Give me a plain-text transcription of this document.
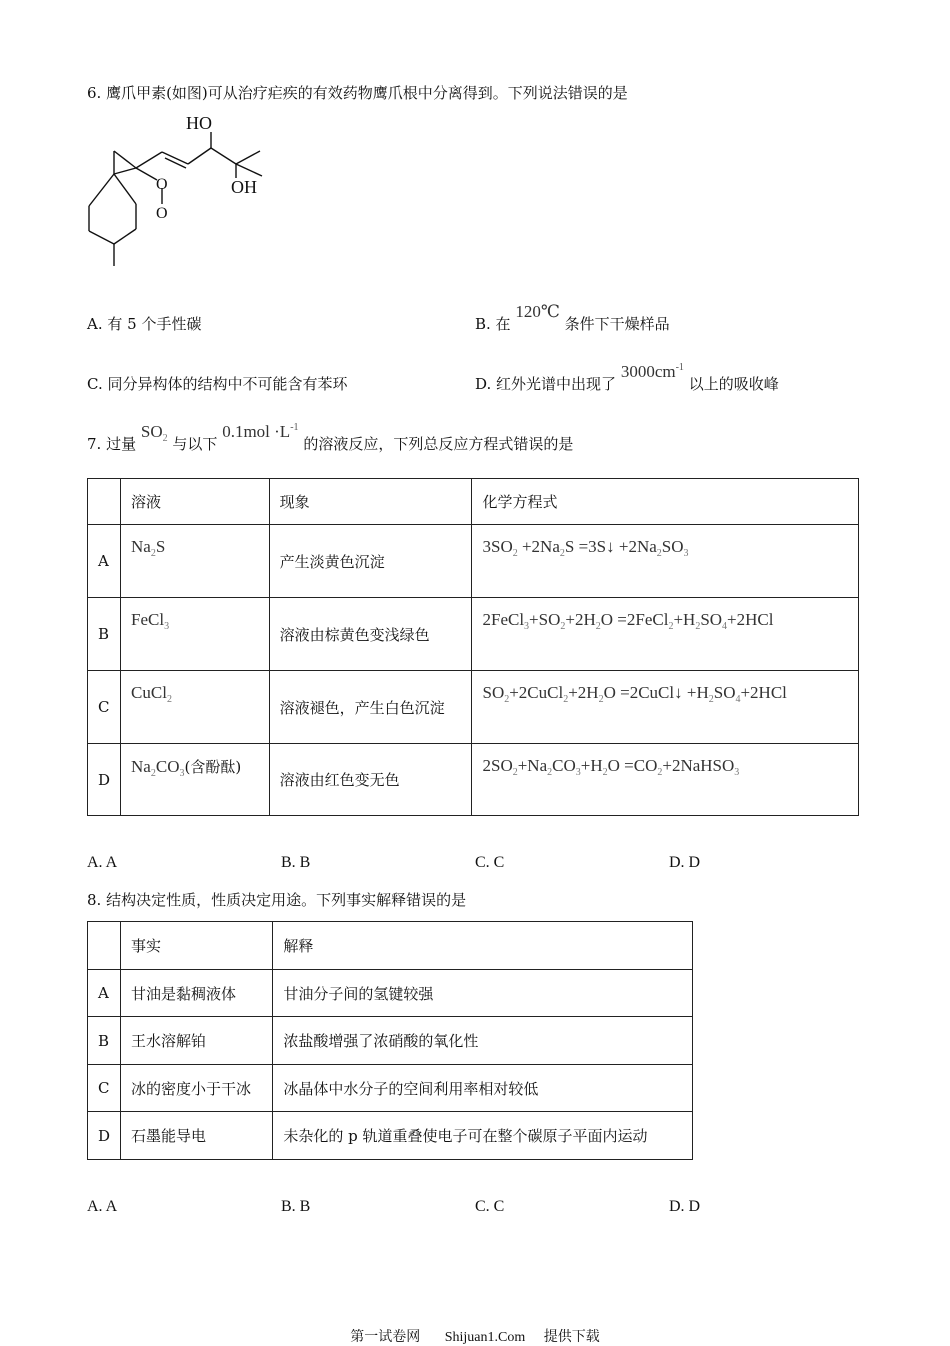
6. 鹰爪甲素(如图)可从治疗疟疾的有效药物鹰爪根中分离得到。下列说法错误的是
O
O
HO
OH
A. 有 5 个手性碳	B. 在 120℃ 条件下干燥样品
C. 同分异构体的结构中不可能含有苯环	D. 红外光谱中出现了 $3000cm^{-1}$ 以上的吸收峰
7. 过量 $SO_2$ 与以下 $0.1mol \cdot L^{-1}$ 的溶液反应，下列总反应方程式错误的是
	溶液	现象	化学方程式
A	$Na_2S$	产生淡黄色沉淀	$3SO_2 +2Na_2S$ =3S↓ $+2Na_2SO_3$
B	FeCl$_3$	溶液由棕黄色变浅绿色	$2FeCl_3+SO_2+2H_2O$ $=2FeCl_2+H_2SO_4+2HCl$
C	CuCl$_2$	溶液褪色，产生白色沉淀	$SO_2+2CuCl_2+2H_2O$ =2CuCl↓ $+H_2SO_4+2HCl$
D	$Na_2CO_3$(含酚酞)	溶液由红色变无色	$2SO_2+Na_2CO_3+H_2O$ $=CO_2+2NaHSO_3$
A. A	B. B	C. C	D. D
8. 结构决定性质，性质决定用途。下列事实解释错误的是
	事实	解释
A	甘油是黏稠液体	甘油分子间的氢键较强
B	王水溶解铂	浓盐酸增强了浓硝酸的氧化性
C	冰的密度小于干冰	冰晶体中水分子的空间利用率相对较低
D	石墨能导电	未杂化的 p 轨道重叠使电子可在整个碳原子平面内运动
A. A	B. B	C. C	D. D
第一试卷网 Shijuan1.Com 提供下载
